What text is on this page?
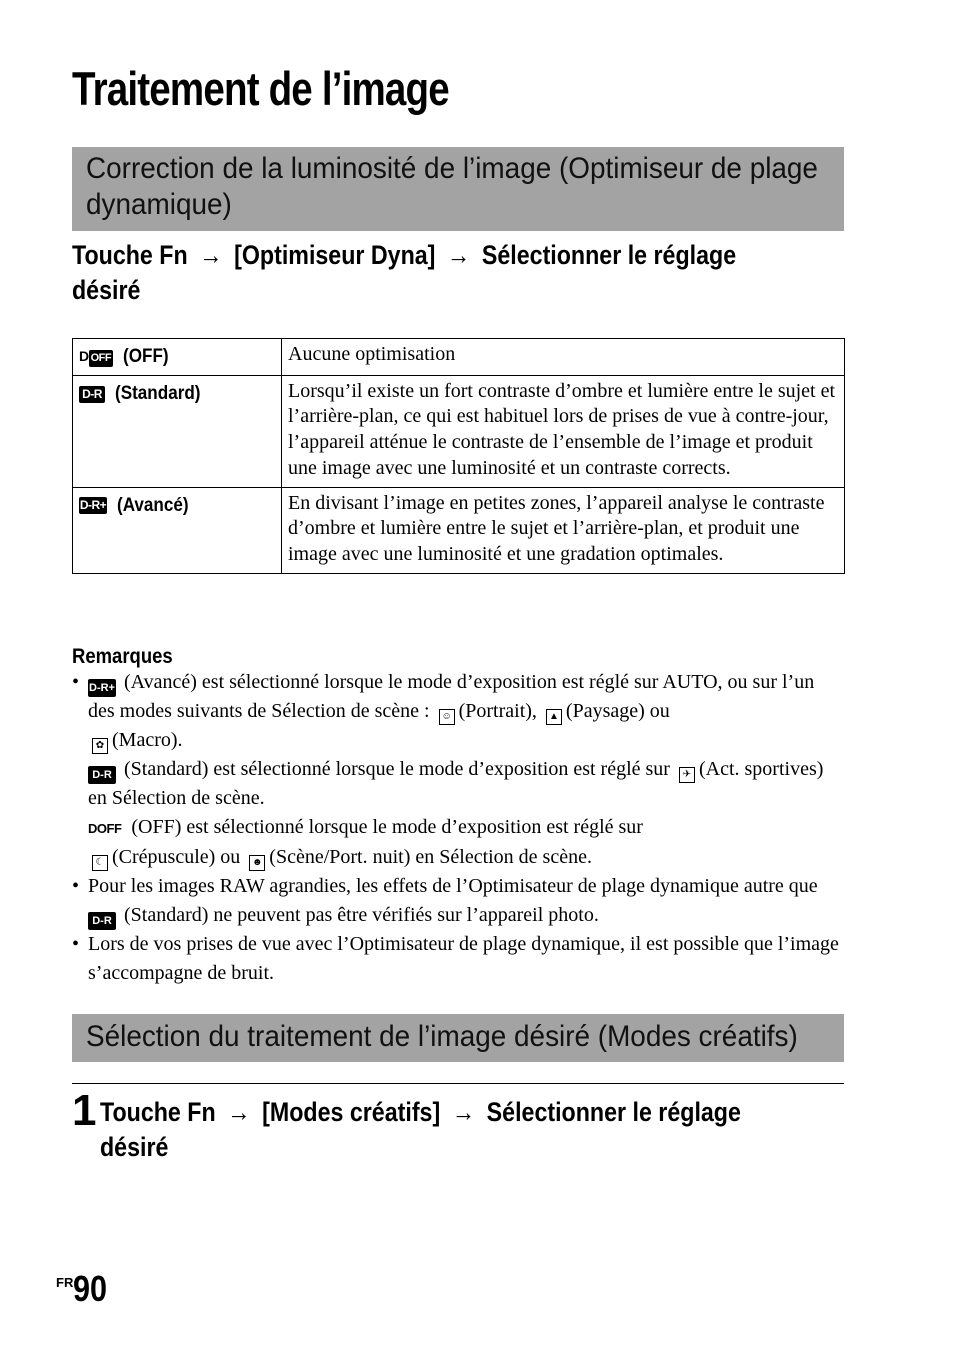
Traitement de l’image
Correction de la luminosité de l’image (Optimiseur de plage
dynamique)
Touche Fn → [Optimiseur Dyna] → Sélectionner le réglage
désiré
D OFF (OFF)	Aucune optimisation
D-R (Standard)	Lorsqu’il existe un fort contraste d’ombre et lumière entre le sujet et l’arrière-plan, ce qui est habituel lors de prises de vue à contre-jour, l’appareil atténue le contraste de l’ensemble de l’image et produit une image avec une luminosité et un contraste corrects.
D-R+ (Avancé)	En divisant l’image en petites zones, l’appareil analyse le contraste d’ombre et lumière entre le sujet et l’arrière-plan, et produit une image avec une luminosité et une gradation optimales.
Remarques
• D-R+ (Avancé) est sélectionné lorsque le mode d’exposition est réglé sur AUTO, ou sur l’un des modes suivants de Sélection de scène : ☺ (Portrait), ▲ (Paysage) ou
✿ (Macro).
D-R (Standard) est sélectionné lorsque le mode d’exposition est réglé sur ✈ (Act. sportives) en Sélection de scène.
DOFF (OFF) est sélectionné lorsque le mode d’exposition est réglé sur
☾ (Crépuscule) ou ☻ (Scène/Port. nuit) en Sélection de scène.
• Pour les images RAW agrandies, les effets de l’Optimisateur de plage dynamique autre que D-R (Standard) ne peuvent pas être vérifiés sur l’appareil photo.
• Lors de vos prises de vue avec l’Optimisateur de plage dynamique, il est possible que l’image s’accompagne de bruit.
Sélection du traitement de l’image désiré (Modes créatifs)
1 Touche Fn → [Modes créatifs] → Sélectionner le réglage
désiré
$^{FR}$90
